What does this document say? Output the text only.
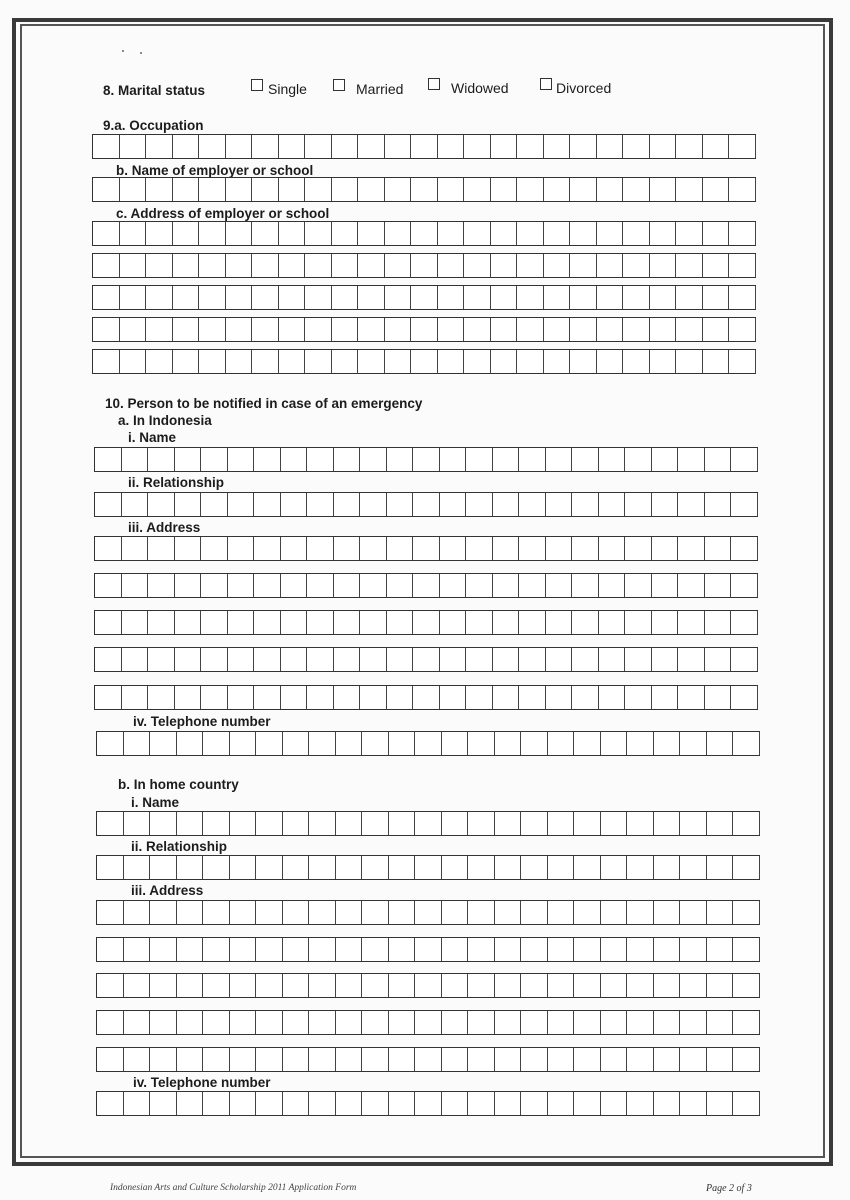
8. Marital status	Single	Married	Widowed	Divorced
9.a. Occupation
b. Name of employer or school
c. Address of employer or school
10. Person to be notified in case of an emergency
a. In Indonesia
i. Name
ii. Relationship
iii. Address
iv. Telephone number
b. In home country
i. Name
ii. Relationship
iii. Address
iv. Telephone number
Indonesian Arts and Culture Scholarship 2011 Application Form	Page 2 of 3
